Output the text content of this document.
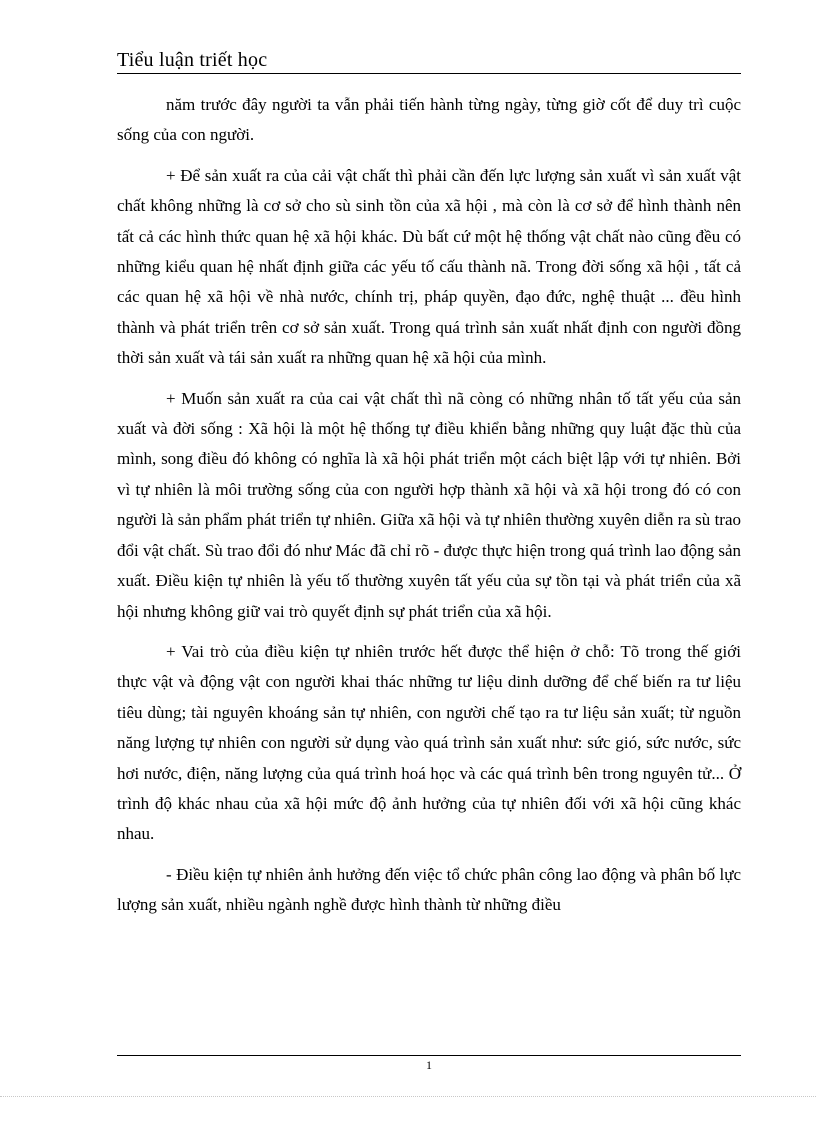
Tiểu luận triết học

năm trước đây người ta vẫn phải tiến hành từng ngày, từng giờ cốt để duy trì cuộc sống của con người.

+ Để sản xuất ra của cải vật chất thì phải cần đến lực lượng sản xuất vì sản xuất vật chất không những là cơ sở cho sù sinh tồn của xã hội , mà còn là cơ sở để hình thành nên tất cả các hình thức quan hệ xã hội khác. Dù bất cứ một hệ thống vật chất nào cũng đều có những kiểu quan hệ nhất định giữa các yếu tố cấu thành nã. Trong đời sống xã hội , tất cả các quan hệ xã hội về nhà nước, chính trị, pháp quyền, đạo đức, nghệ thuật ... đều hình thành và phát triển trên cơ sở sản xuất. Trong quá trình sản xuất nhất định con người đồng thời sản xuất và tái sản xuất ra những quan hệ xã hội của mình.

+ Muốn sản xuất ra của cai vật chất thì nã còng có những nhân tố tất yếu của sản xuất và đời sống : Xã hội là một hệ thống tự điều khiển bằng những quy luật đặc thù của mình, song điều đó không có nghĩa là xã hội phát triển một cách biệt lập với tự nhiên. Bởi vì tự nhiên là môi trường sống của con người hợp thành xã hội và xã hội trong đó có con người là sản phẩm phát triển tự nhiên. Giữa xã hội và tự nhiên thường xuyên diễn ra sù trao đổi vật chất. Sù trao đổi đó như Mác đã chỉ rõ - được thực hiện trong quá trình lao động sản xuất. Điều kiện tự nhiên là yếu tố thường xuyên tất yếu của sự tồn tại và phát triển của xã hội nhưng không giữ vai trò quyết định sự phát triển của xã hội.

+ Vai trò của điều kiện tự nhiên trước hết được thể hiện ở chỗ: Tõ trong thế giới thực vật và động vật con người khai thác những tư liệu dinh dưỡng để chế biến ra tư liệu tiêu dùng; tài nguyên khoáng sản tự nhiên, con người chế tạo ra tư liệu sản xuất; từ nguồn năng lượng tự nhiên con người sử dụng vào quá trình sản xuất như: sức gió, sức nước, sức hơi nước, điện, năng lượng của quá trình hoá học và các quá trình bên trong nguyên tử... Ở trình độ khác nhau của xã hội mức độ ảnh hưởng của tự nhiên đối với xã hội cũng khác nhau.

- Điều kiện tự nhiên ảnh hưởng đến việc tổ chức phân công lao động và phân bố lực lượng sản xuất, nhiều ngành nghề được hình thành từ những điều

1
